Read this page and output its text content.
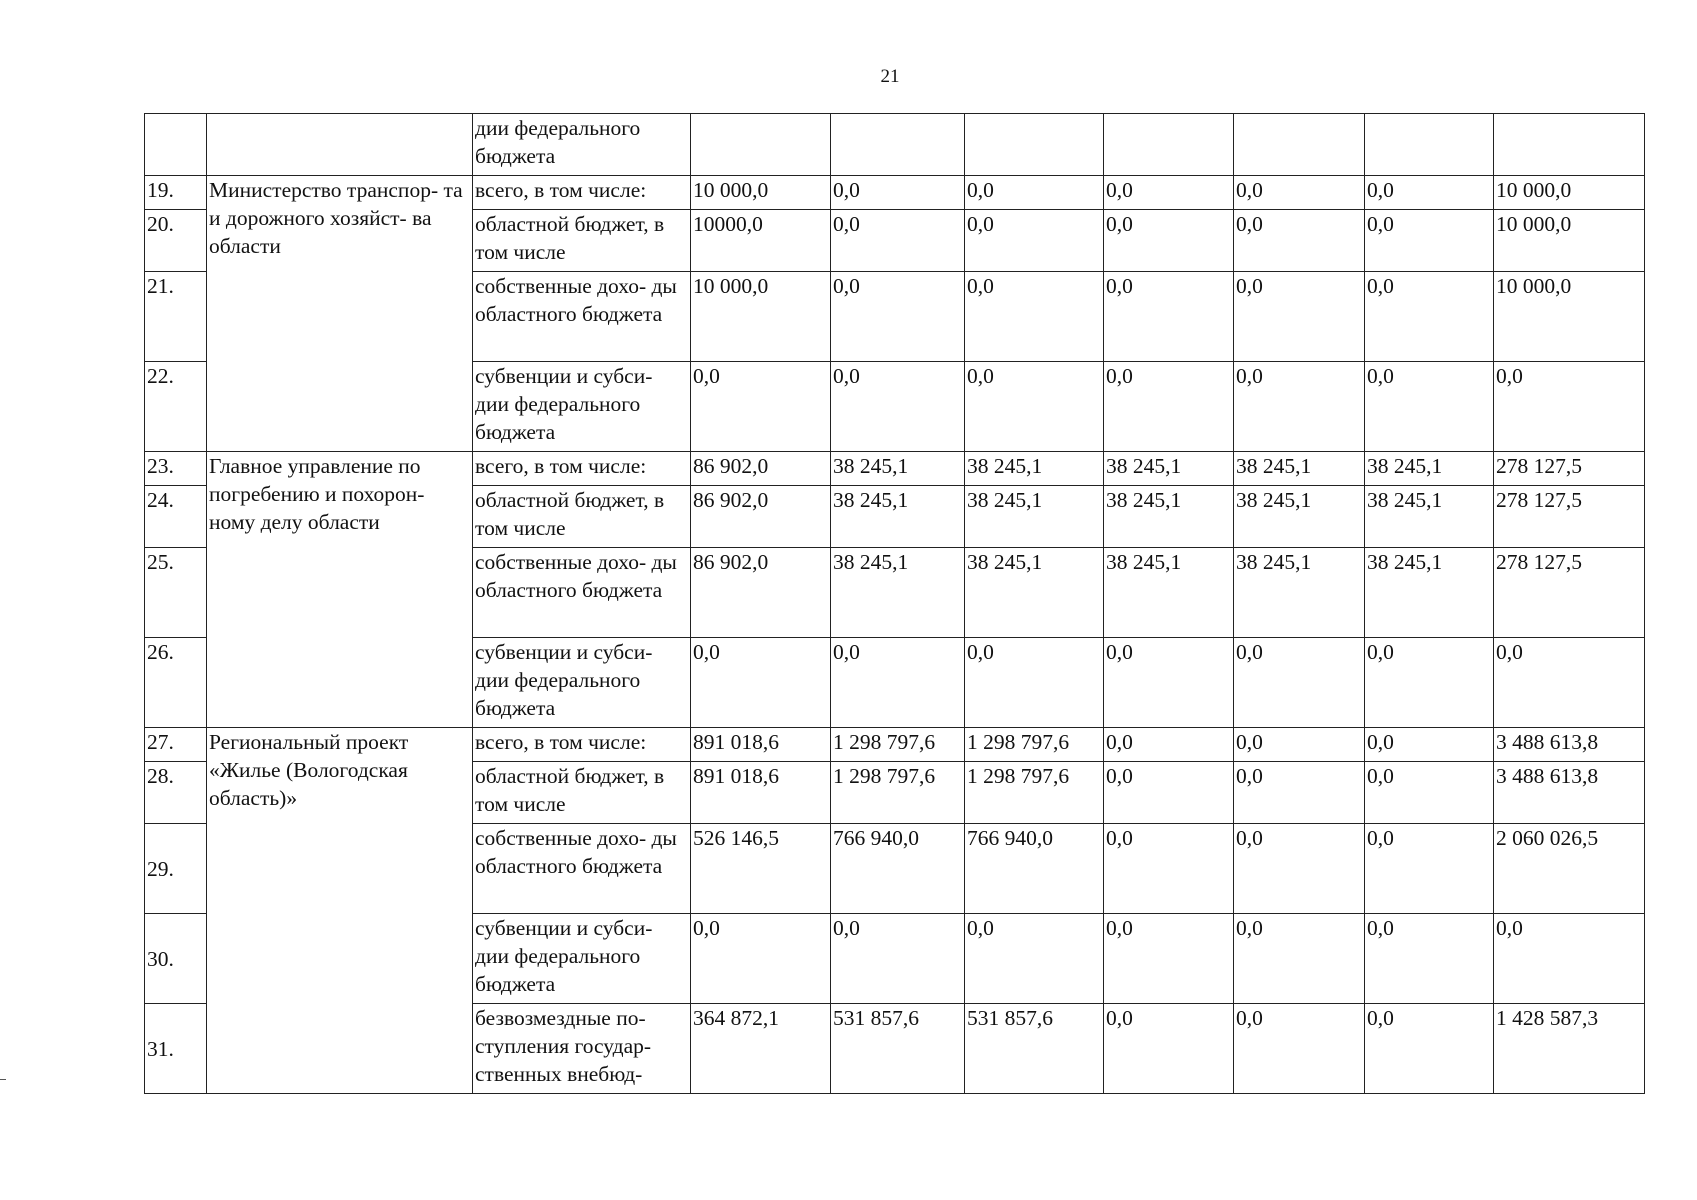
21
		дии федерального бюджета							
19.	Министерство транспор- та и дорожного хозяйст- ва области	всего, в том числе:	10 000,0	0,0	0,0	0,0	0,0	0,0	10 000,0
20.		областной бюджет, в том числе	10000,0	0,0	0,0	0,0	0,0	0,0	10 000,0
21.		собственные дохо- ды областного бюджета	10 000,0	0,0	0,0	0,0	0,0	0,0	10 000,0
22.		субвенции и субси- дии федерального бюджета	0,0	0,0	0,0	0,0	0,0	0,0	0,0
23.	Главное управление по погребению и похорон- ному делу области	всего, в том числе:	86 902,0	38 245,1	38 245,1	38 245,1	38 245,1	38 245,1	278 127,5
24.		областной бюджет, в том числе	86 902,0	38 245,1	38 245,1	38 245,1	38 245,1	38 245,1	278 127,5
25.		собственные дохо- ды областного бюджета	86 902,0	38 245,1	38 245,1	38 245,1	38 245,1	38 245,1	278 127,5
26.		субвенции и субси- дии федерального бюджета	0,0	0,0	0,0	0,0	0,0	0,0	0,0
27.	Региональный проект «Жилье (Вологодская область)»	всего, в том числе:	891 018,6	1 298 797,6	1 298 797,6	0,0	0,0	0,0	3 488 613,8
28.		областной бюджет, в том числе	891 018,6	1 298 797,6	1 298 797,6	0,0	0,0	0,0	3 488 613,8
29.		собственные дохо- ды областного бюджета	526 146,5	766 940,0	766 940,0	0,0	0,0	0,0	2 060 026,5
30.		субвенции и субси- дии федерального бюджета	0,0	0,0	0,0	0,0	0,0	0,0	0,0
31.		безвозмездные по- ступления государ- ственных внебюд-	364 872,1	531 857,6	531 857,6	0,0	0,0	0,0	1 428 587,3
